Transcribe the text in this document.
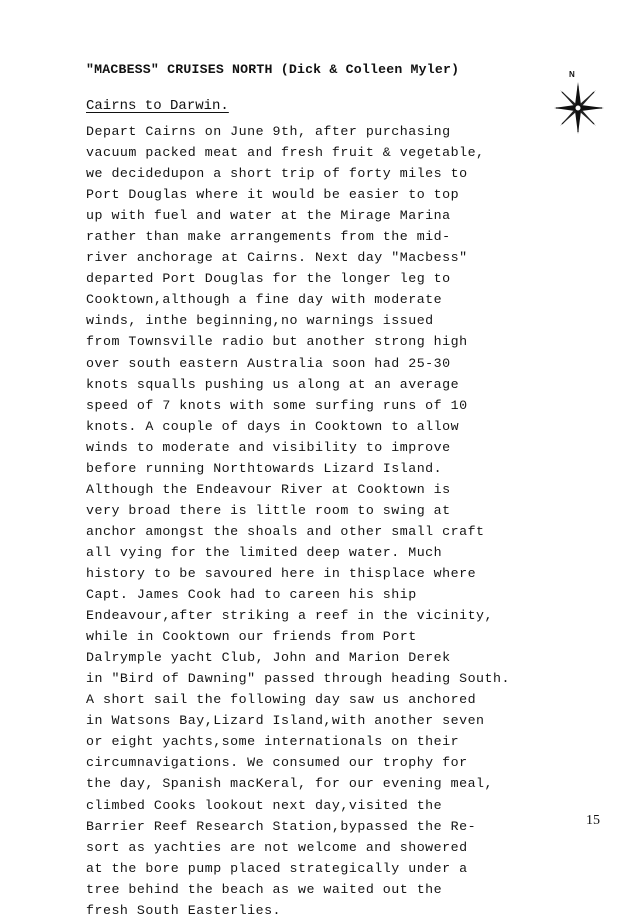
"MACBESS" CRUISES NORTH (Dick & Colleen Myler)
Cairns to Darwin.
N
Depart Cairns on June 9th, after purchasing
vacuum packed meat and fresh fruit & vegetable,
we decidedupon a short trip of forty miles to
Port Douglas where it would be easier to top
up with fuel and water at the Mirage Marina
rather than make arrangements from the mid-
river anchorage at Cairns. Next day "Macbess"
departed Port Douglas for the longer leg to
Cooktown,although a fine day with moderate
winds, inthe beginning,no warnings issued
from Townsville radio but another strong high
over south eastern Australia soon had 25-30
knots squalls pushing us along at an average
speed of 7 knots with some surfing runs of 10
knots. A couple of days in Cooktown to allow
winds to moderate and visibility to improve
before running Northtowards Lizard Island.
Although the Endeavour River at Cooktown is
very broad there is little room to swing at
anchor amongst the shoals and other small craft
all vying for the limited deep water. Much
history to be savoured here in thisplace where
Capt. James Cook had to careen his ship
Endeavour,after striking a reef in the vicinity,
while in Cooktown our friends from Port
Dalrymple yacht Club, John and Marion Derek
in "Bird of Dawning" passed through heading South.
A short sail the following day saw us anchored
in Watsons Bay,Lizard Island,with another seven
or eight yachts,some internationals on their
circumnavigations. We consumed our trophy for
the day, Spanish macKeral, for our evening meal,
climbed Cooks lookout next day,visited the
Barrier Reef Research Station,bypassed the Re-
sort as yachties are not welcome and showered
at the bore pump placed strategically under a
tree behind the beach as we waited out the
fresh South Easterlies.
15
